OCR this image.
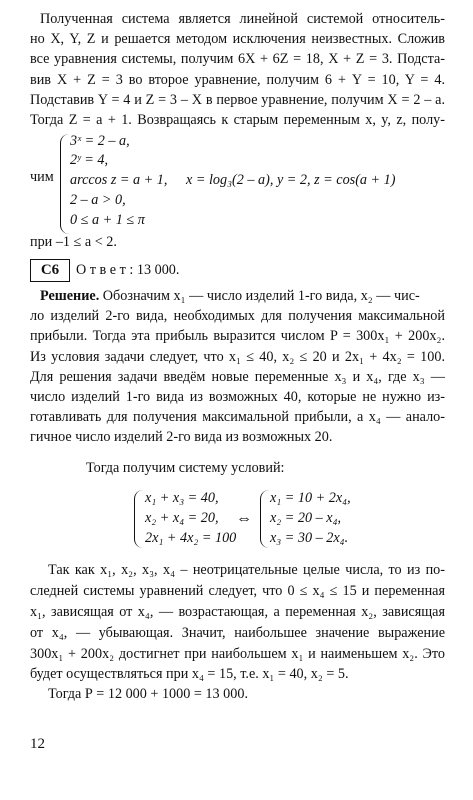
Полученная система является линейной системой относитель-
но X, Y, Z и решается методом исключения неизвестных. Сложив
все уравнения системы, получим 6X + 6Z = 18, X + Z = 3. Подста-
вив X + Z = 3 во второе уравнение, получим 6 + Y = 10, Y = 4.
Подставив Y = 4 и Z = 3 – X в первое уравнение, получим X = 2 – a.
Тогда Z = a + 1. Возвращаясь к старым переменным x, y, z, полу-
чим
3ˣ = 2 – a,
2ʸ = 4,
arccos z = a + 1,
2 – a > 0,
0 ≤ a + 1 ≤ π
x = log₃(2 – a), y = 2, z = cos(a + 1)
при –1 ≤ a < 2.
С6	О т в е т : 13 000.
Решение. Обозначим x₁ — число изделий 1-го вида, x₂ — чис-
ло изделий 2-го вида, необходимых для получения максимальной
прибыли. Тогда эта прибыль выразится числом P = 300x₁ + 200x₂.
Из условия задачи следует, что x₁ ≤ 40, x₂ ≤ 20 и 2x₁ + 4x₂ = 100.
Для решения задачи введём новые переменные x₃ и x₄, где x₃ —
число изделий 1-го вида из возможных 40, которые не нужно из-
готавливать для получения максимальной прибыли, а x₄ — анало-
гичное число изделий 2-го вида из возможных 20.
Тогда получим систему условий:
x₁ + x₃ = 40,
x₂ + x₄ = 20,
2x₁ + 4x₂ = 100
⇔
x₁ = 10 + 2x₄,
x₂ = 20 – x₄,
x₃ = 30 – 2x₄.
Так как x₁, x₂, x₃, x₄ – неотрицательные целые числа, то из по-
следней системы уравнений следует, что 0 ≤ x₄ ≤ 15 и переменная
x₁, зависящая от x₄, — возрастающая, а переменная x₂, зависящая
от x₄, — убывающая. Значит, наибольшее значение выражение
300x₁ + 200x₂ достигнет при наибольшем x₁ и наименьшем x₂. Это
будет осуществляться при x₄ = 15, т.е. x₁ = 40, x₂ = 5.
Тогда Р = 12 000 + 1000 = 13 000.
12
